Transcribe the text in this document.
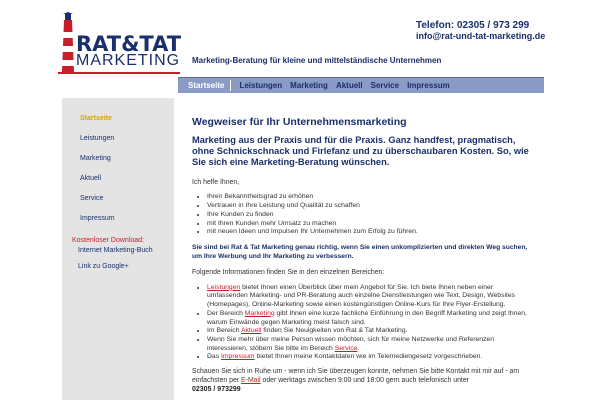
RAT&TAT
MARKETING Marketing-Beratung für kleine und mittelständische Unternehmen
Telefon: 02305 / 973 299
info@rat-und-tat-marketing.de
Startseite Leistungen Marketing Aktuell Service Impressum
Startseite
Leistungen
Marketing
Aktuell
Service
Impressum
Kostenloser Download:
Internet Marketing-Buch
Link zu Google+
Wegweiser für Ihr Unternehmensmarketing
Marketing aus der Praxis und für die Praxis. Ganz handfest, pragmatisch, ohne Schnickschnack und Firlefanz und zu überschaubaren Kosten. So, wie Sie sich eine Marketing-Beratung wünschen.
Ich helfe Ihnen,
• Ihren Bekanntheitsgrad zu erhöhen
• Vertrauen in Ihre Leistung und Qualität zu schaffen
• Ihre Kunden zu finden
• mit Ihren Kunden mehr Umsatz zu machen
• mit neuen Ideen und Impulsen Ihr Unternehmen zum Erfolg zu führen.
Sie sind bei Rat & Tat Marketing genau richtig, wenn Sie einen unkomplizierten und direkten Weg suchen, um Ihre Werbung und Ihr Marketing zu verbessern.
Folgende Informationen finden Sie in den einzelnen Bereichen:
• Leistungen bietet Ihnen einen Überblick über mein Angebot für Sie. Ich biete Ihnen neben einer umfassenden Marketing- und PR-Beratung auch einzelne Dienstleistungen wie Text, Design, Websites (Homepages), Online-Marketing sowie einen kostengünstigen Online-Kurs für Ihre Flyer-Erstellung.
• Der Bereich Marketing gibt Ihnen eine kurze fachliche Einführung in den Begriff Marketing und zeigt Ihnen, warum Einwände gegen Marketing meist falsch sind.
• Im Bereich Aktuell finden Sie Neuigkeiten von Rat & Tat Marketing.
• Wenn Sie mehr über meine Person wissen möchten, sich für meine Netzwerke und Referenzen interessieren, stöbern Sie bitte im Bereich Service.
• Das Impressum bietet Ihnen meine Kontaktdaten wie im Telemediengesetz vorgeschrieben.
Schauen Sie sich in Ruhe um - wenn ich Sie überzeugen konnte, nehmen Sie bitte Kontakt mit mir auf - am einfachsten per E-Mail oder werktags zwischen 9:00 und 18:00 gern auch telefonisch unter
02305 / 973299
